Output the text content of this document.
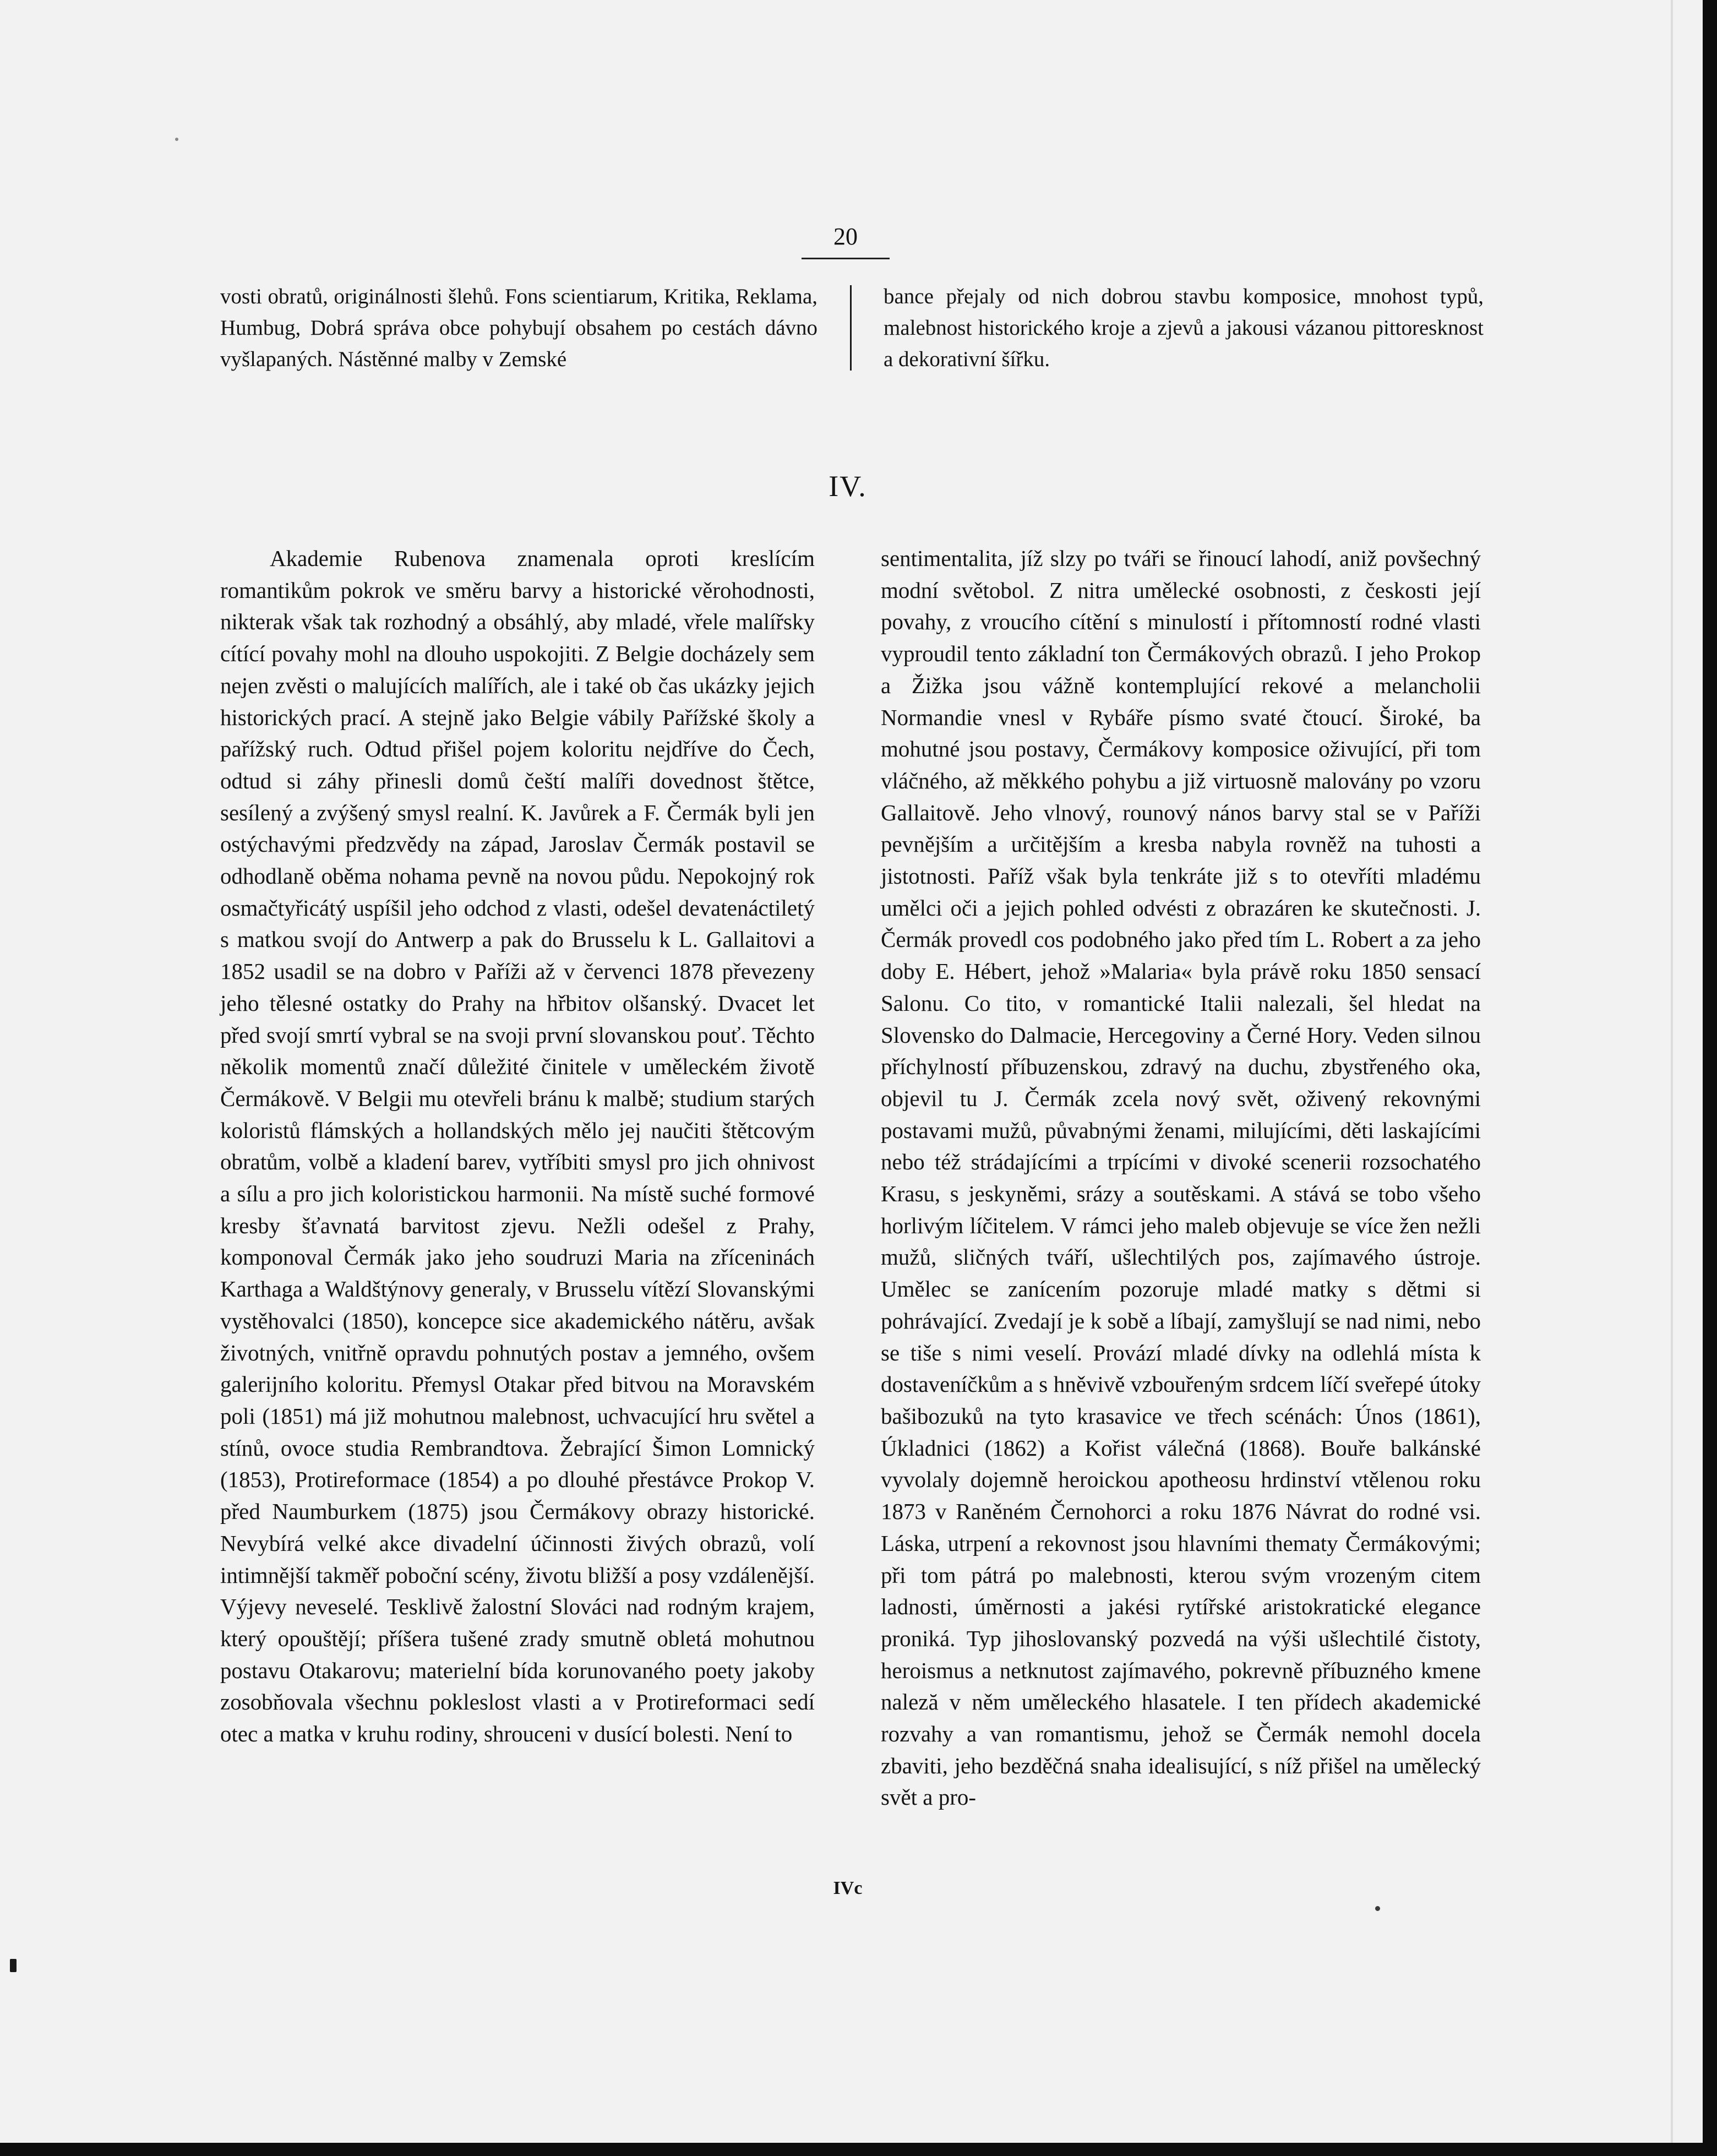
20

vosti obratů, originálnosti šlehů. Fons scientiarum, Kritika, Reklama, Humbug, Dobrá správa obce pohybují obsahem po cestách dávno vyšlapaných. Nástěnné malby v Zemské

bance přejaly od nich dobrou stavbu komposice, mnohost typů, malebnost historického kroje a zjevů a jakousi vázanou pittoresknost a dekorativní šířku.

IV.

Akademie Rubenova znamenala oproti kreslícím romantikům pokrok ve směru barvy a historické věrohodnosti, nikterak však tak rozhodný a obsáhlý, aby mladé, vřele malířsky cítící povahy mohl na dlouho uspokojiti. Z Belgie docházely sem nejen zvěsti o malujících malířích, ale i také ob čas ukázky jejich historických prací. A stejně jako Belgie vábily Pařížské školy a pařížský ruch. Odtud přišel pojem koloritu nejdříve do Čech, odtud si záhy přinesli domů čeští malíři dovednost štětce, sesílený a zvýšený smysl realní. K. Javůrek a F. Čermák byli jen ostýchavými předzvědy na západ, Jaroslav Čermák postavil se odhodlaně oběma nohama pevně na novou půdu. Nepokojný rok osmačtyřicátý uspíšil jeho odchod z vlasti, odešel devatenáctiletý s matkou svojí do Antwerp a pak do Brusselu k L. Gallaitovi a 1852 usadil se na dobro v Paříži až v červenci 1878 převezeny jeho tělesné ostatky do Prahy na hřbitov olšanský. Dvacet let před svojí smrtí vybral se na svoji první slovanskou pouť. Těchto několik momentů značí důležité činitele v uměleckém životě Čermákově. V Belgii mu otevřeli bránu k malbě; studium starých koloristů flámských a hollandských mělo jej naučiti štětcovým obratům, volbě a kladení barev, vytříbiti smysl pro jich ohnivost a sílu a pro jich koloristickou harmonii. Na místě suché formové kresby šťavnatá barvitost zjevu. Nežli odešel z Prahy, komponoval Čermák jako jeho soudruzi Maria na zříceninách Karthaga a Waldštýnovy generaly, v Brusselu vítězí Slovanskými vystěhovalci (1850), koncepce sice akademického nátěru, avšak životných, vnitřně opravdu pohnutých postav a jemného, ovšem galerijního koloritu. Přemysl Otakar před bitvou na Moravském poli (1851) má již mohutnou malebnost, uchvacující hru světel a stínů, ovoce studia Rembrandtova. Žebrající Šimon Lomnický (1853), Protireformace (1854) a po dlouhé přestávce Prokop V. před Naumburkem (1875) jsou Čermákovy obrazy historické. Nevybírá velké akce divadelní účinnosti živých obrazů, volí intimnější takměř poboční scény, životu bližší a posy vzdálenější. Výjevy neveselé. Tesklivě žalostní Slováci nad rodným krajem, který opouštějí; příšera tušené zrady smutně obletá mohutnou postavu Otakarovu; materielní bída korunovaného poety jakoby zosobňovala všechnu pokleslost vlasti a v Protireformaci sedí otec a matka v kruhu rodiny, shrouceni v dusící bolesti. Není to

sentimentalita, jíž slzy po tváři se řinoucí lahodí, aniž povšechný modní světobol. Z nitra umělecké osobnosti, z českosti její povahy, z vroucího cítění s minulostí i přítomností rodné vlasti vyproudil tento základní ton Čermákových obrazů. I jeho Prokop a Žižka jsou vážně kontemplující rekové a melancholii Normandie vnesl v Rybáře písmo svaté čtoucí. Široké, ba mohutné jsou postavy, Čermákovy komposice oživující, při tom vláčného, až měkkého pohybu a již virtuosně malovány po vzoru Gallaitově. Jeho vlnový, rounový nános barvy stal se v Paříži pevnějším a určitějším a kresba nabyla rovněž na tuhosti a jistotnosti. Paříž však byla tenkráte již s to otevříti mladému umělci oči a jejich pohled odvésti z obrazáren ke skutečnosti. J. Čermák provedl cos podobného jako před tím L. Robert a za jeho doby E. Hébert, jehož »Malaria« byla právě roku 1850 sensací Salonu. Co tito, v romantické Italii nalezali, šel hledat na Slovensko do Dalmacie, Hercegoviny a Černé Hory. Veden silnou příchylností příbuzenskou, zdravý na duchu, zbystřeného oka, objevil tu J. Čermák zcela nový svět, oživený rekovnými postavami mužů, půvabnými ženami, milujícími, děti laskajícími nebo též strádajícími a trpícími v divoké scenerii rozsochatého Krasu, s jeskyněmi, srázy a soutěskami. A stává se tobo všeho horlivým líčitelem. V rámci jeho maleb objevuje se více žen nežli mužů, sličných tváří, ušlechtilých pos, zajímavého ústroje. Umělec se zanícením pozoruje mladé matky s dětmi si pohrávající. Zvedají je k sobě a líbají, zamyšlují se nad nimi, nebo se tiše s nimi veselí. Provází mladé dívky na odlehlá místa k dostaveníčkům a s hněvivě vzbouřeným srdcem líčí sveřepé útoky bašibozuků na tyto krasavice ve třech scénách: Únos (1861), Úkladnici (1862) a Kořist válečná (1868). Bouře balkánské vyvolaly dojemně heroickou apotheosu hrdinství vtělenou roku 1873 v Raněném Černohorci a roku 1876 Návrat do rodné vsi. Láska, utrpení a rekovnost jsou hlavními thematy Čermákovými; při tom pátrá po malebnosti, kterou svým vrozeným citem ladnosti, úměrnosti a jakési rytířské aristokratické elegance proniká. Typ jihoslovanský pozvedá na výši ušlechtilé čistoty, heroismus a netknutost zajímavého, pokrevně příbuzného kmene naleză v něm uměleckého hlasatele. I ten přídech akademické rozvahy a van romantismu, jehož se Čermák nemohl docela zbaviti, jeho bezděčná snaha idealisující, s níž přišel na umělecký svět a pro-

IVc
